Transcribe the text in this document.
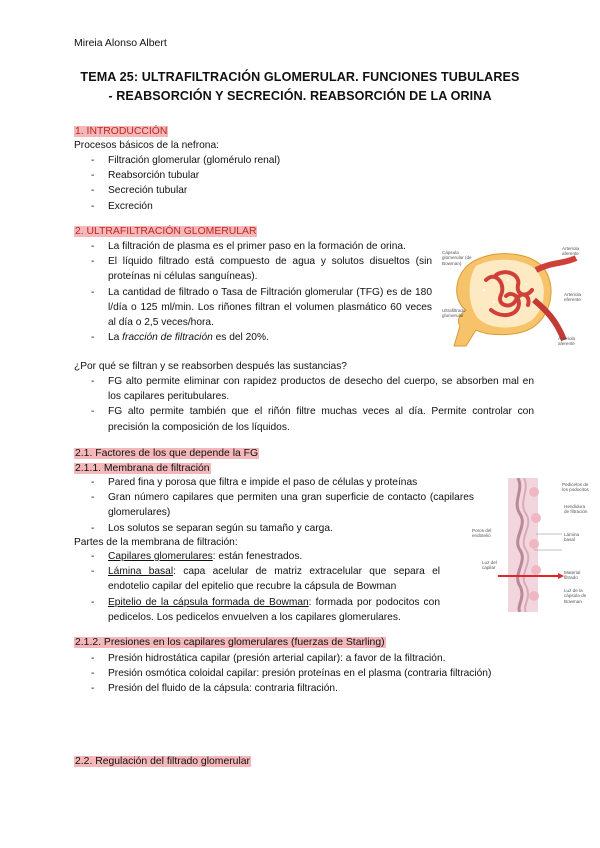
Mireia Alonso Albert
TEMA 25: ULTRAFILTRACIÓN GLOMERULAR. FUNCIONES TUBULARES
- REABSORCIÓN Y SECRECIÓN. REABSORCIÓN DE LA ORINA
1. INTRODUCCIÓN
Procesos básicos de la nefrona:
- Filtración glomerular (glomérulo renal)
- Reabsorción tubular
- Secreción tubular
- Excreción
2. ULTRAFILTRACIÓN GLOMERULAR
- La filtración de plasma es el primer paso en la formación de orina.
- El líquido filtrado está compuesto de agua y solutos disueltos (sin proteínas ni células sanguíneas).
- La cantidad de filtrado o Tasa de Filtración glomerular (TFG) es de 180 l/día o 125 ml/min. Los riñones filtran el volumen plasmático 60 veces al día o 2,5 veces/hora.
- La fracción de filtración es del 20%.
¿Por qué se filtran y se reabsorben después las sustancias?
- FG alto permite eliminar con rapidez productos de desecho del cuerpo, se absorben mal en los capilares peritubulares.
- FG alto permite también que el riñón filtre muchas veces al día. Permite controlar con precisión la composición de los líquidos.
Cápsula glomerular (de Bowman)
Arteriola aferente
Arteriola eferente
Ultrafiltrado glomerular
Arteriola aferente
2.1. Factores de los que depende la FG
2.1.1. Membrana de filtración
- Pared fina y porosa que filtra e impide el paso de células y proteínas
- Gran número capilares que permiten una gran superficie de contacto (capilares glomerulares)
- Los solutos se separan según su tamaño y carga.
Partes de la membrana de filtración:
- Capilares glomerulares: están fenestrados.
- Lámina basal: capa acelular de matriz extracelular que separa el endotelio capilar del epitelio que recubre la cápsula de Bowman
- Epitelio de la cápsula formada de Bowman: formada por podocitos con pedicelos. Los pedicelos envuelven a los capilares glomerulares.
Pedicelos de los podocitos
Hendidura de filtración
Poros del endotelio	Lámina basal
Luz del capilar
Material filtrado
Luz de la cápsula de Bowman
2.1.2. Presiones en los capilares glomerulares (fuerzas de Starling)
- Presión hidrostática capilar (presión arterial capilar): a favor de la filtración.
- Presión osmótica coloidal capilar: presión proteínas en el plasma (contraria filtración)
- Presión del fluido de la cápsula: contraria filtración.
2.2. Regulación del filtrado glomerular
